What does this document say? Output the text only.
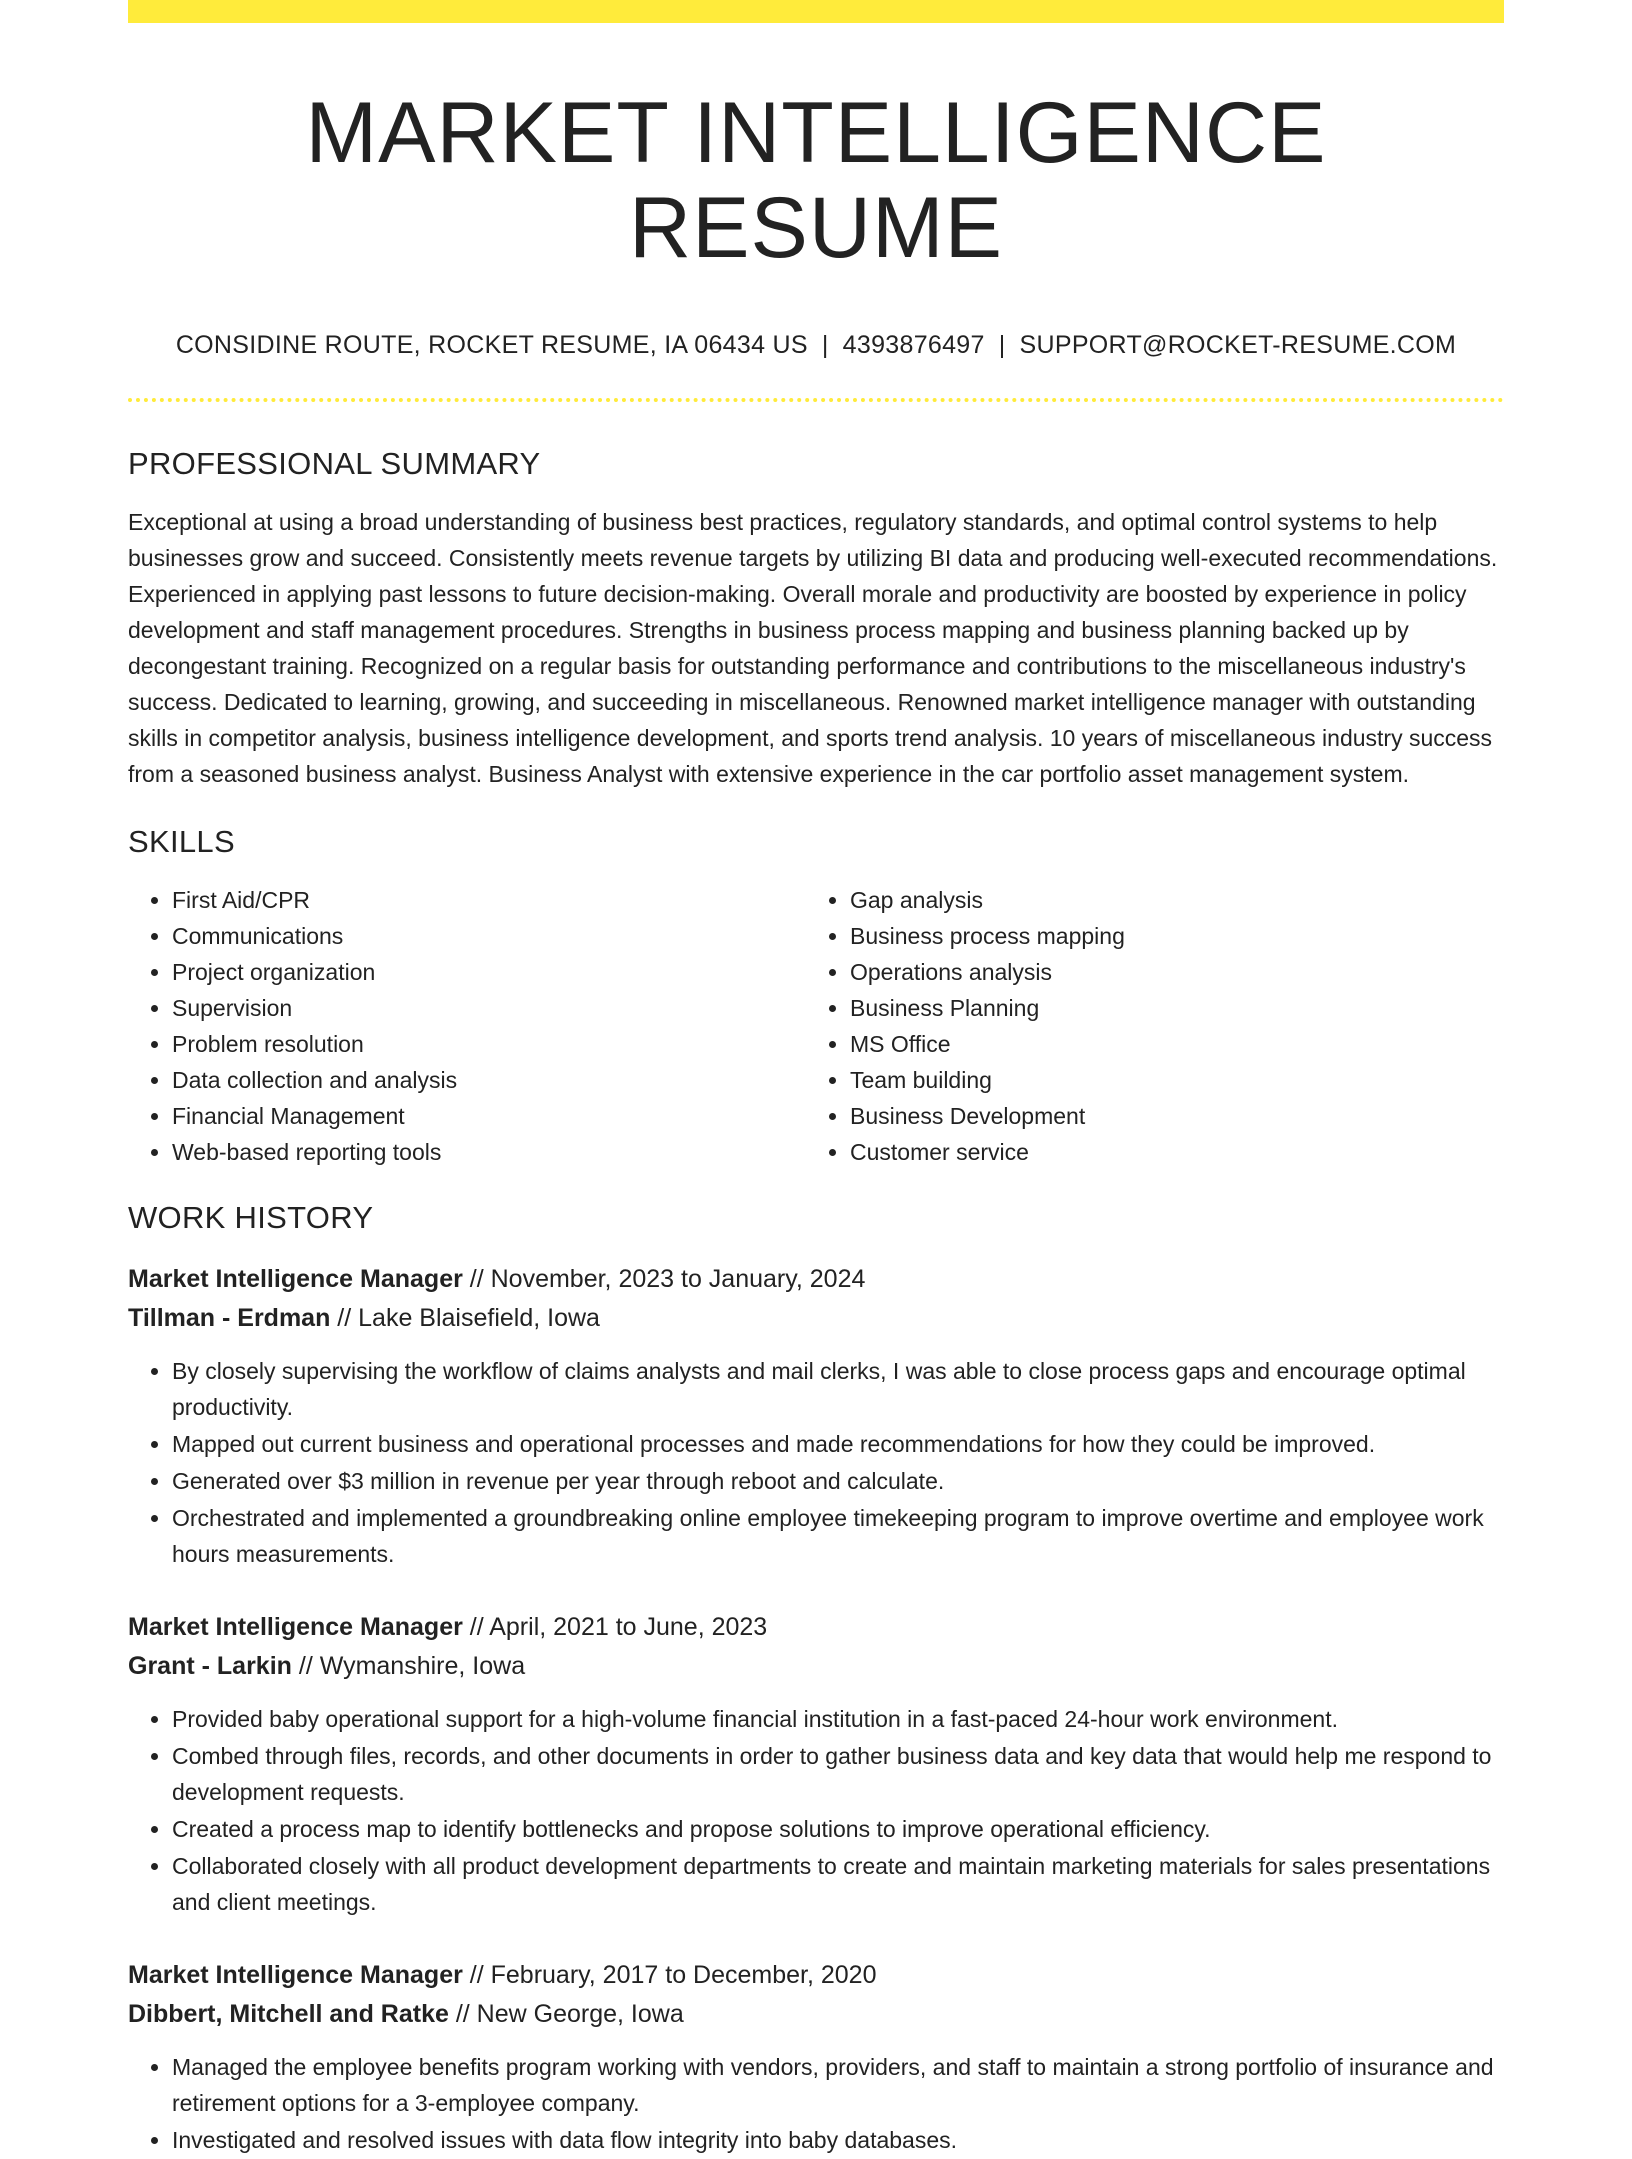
MARKET INTELLIGENCE RESUME
CONSIDINE ROUTE, ROCKET RESUME, IA 06434 US | 4393876497 | SUPPORT@ROCKET-RESUME.COM
PROFESSIONAL SUMMARY
Exceptional at using a broad understanding of business best practices, regulatory standards, and optimal control systems to help businesses grow and succeed. Consistently meets revenue targets by utilizing BI data and producing well-executed recommendations. Experienced in applying past lessons to future decision-making. Overall morale and productivity are boosted by experience in policy development and staff management procedures. Strengths in business process mapping and business planning backed up by decongestant training. Recognized on a regular basis for outstanding performance and contributions to the miscellaneous industry's success. Dedicated to learning, growing, and succeeding in miscellaneous. Renowned market intelligence manager with outstanding skills in competitor analysis, business intelligence development, and sports trend analysis. 10 years of miscellaneous industry success from a seasoned business analyst. Business Analyst with extensive experience in the car portfolio asset management system.
SKILLS
• First Aid/CPR
• Communications
• Project organization
• Supervision
• Problem resolution
• Data collection and analysis
• Financial Management
• Web-based reporting tools
• Gap analysis
• Business process mapping
• Operations analysis
• Business Planning
• MS Office
• Team building
• Business Development
• Customer service
WORK HISTORY
Market Intelligence Manager // November, 2023 to January, 2024
Tillman - Erdman // Lake Blaisefield, Iowa
• By closely supervising the workflow of claims analysts and mail clerks, I was able to close process gaps and encourage optimal productivity.
• Mapped out current business and operational processes and made recommendations for how they could be improved.
• Generated over $3 million in revenue per year through reboot and calculate.
• Orchestrated and implemented a groundbreaking online employee timekeeping program to improve overtime and employee work hours measurements.
Market Intelligence Manager // April, 2021 to June, 2023
Grant - Larkin // Wymanshire, Iowa
• Provided baby operational support for a high-volume financial institution in a fast-paced 24-hour work environment.
• Combed through files, records, and other documents in order to gather business data and key data that would help me respond to development requests.
• Created a process map to identify bottlenecks and propose solutions to improve operational efficiency.
• Collaborated closely with all product development departments to create and maintain marketing materials for sales presentations and client meetings.
Market Intelligence Manager // February, 2017 to December, 2020
Dibbert, Mitchell and Ratke // New George, Iowa
• Managed the employee benefits program working with vendors, providers, and staff to maintain a strong portfolio of insurance and retirement options for a 3-employee company.
• Investigated and resolved issues with data flow integrity into baby databases.
